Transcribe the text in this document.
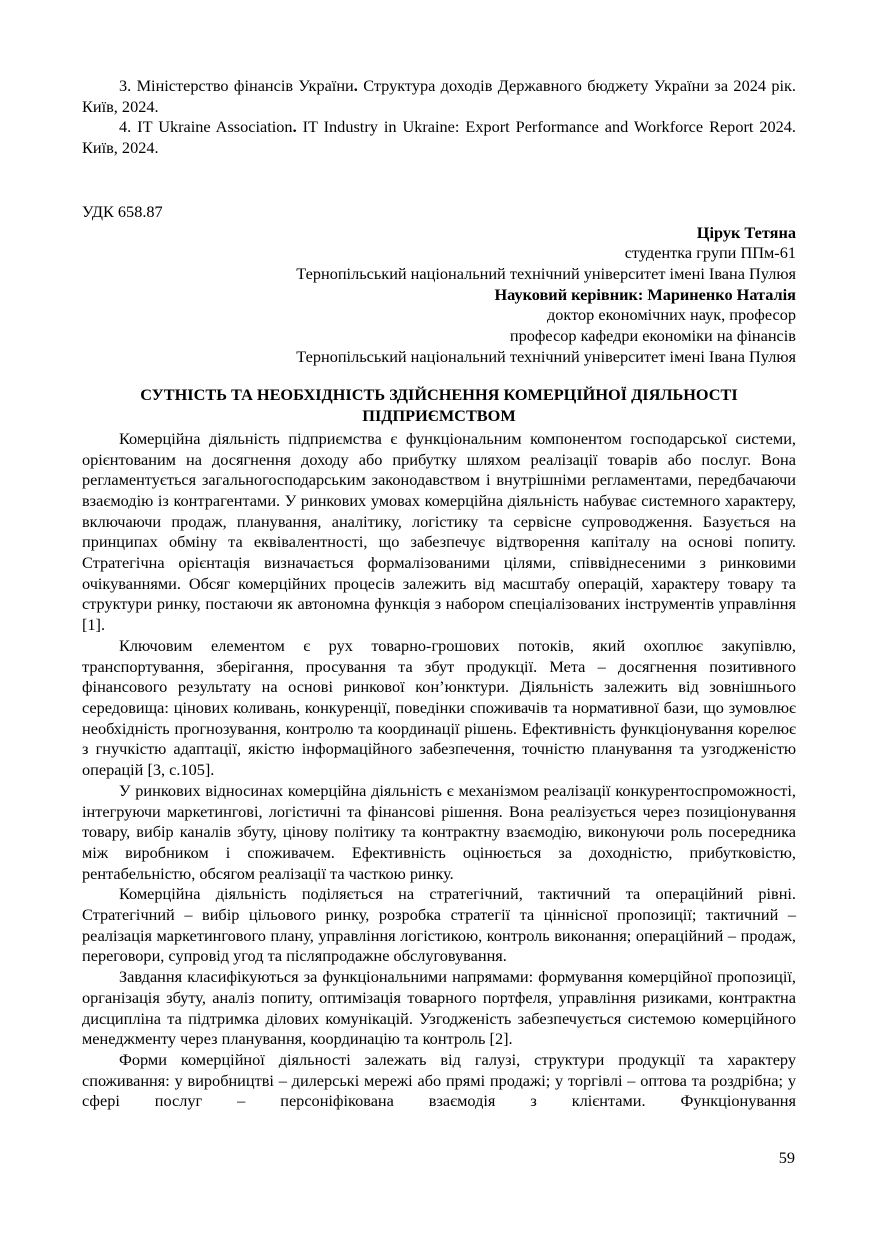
3. Міністерство фінансів України. Структура доходів Державного бюджету України за 2024 рік. Київ, 2024.

4. IT Ukraine Association. IT Industry in Ukraine: Export Performance and Workforce Report 2024. Київ, 2024.

УДК 658.87

Цірук Тетяна
студентка групи ППм-61
Тернопільський національний технічний університет імені Івана Пулюя
Науковий керівник: Мариненко Наталія
доктор економічних наук, професор
професор кафедри економіки на фінансів
Тернопільський національний технічний університет імені Івана Пулюя

СУТНІСТЬ ТА НЕОБХІДНІСТЬ ЗДІЙСНЕННЯ КОМЕРЦІЙНОЇ ДІЯЛЬНОСТІ ПІДПРИЄМСТВОМ

Комерційна діяльність підприємства є функціональним компонентом господарської системи, орієнтованим на досягнення доходу або прибутку шляхом реалізації товарів або послуг. Вона регламентується загальногосподарським законодавством і внутрішніми регламентами, передбачаючи взаємодію із контрагентами. У ринкових умовах комерційна діяльність набуває системного характеру, включаючи продаж, планування, аналітику, логістику та сервісне супроводження. Базується на принципах обміну та еквівалентності, що забезпечує відтворення капіталу на основі попиту. Стратегічна орієнтація визначається формалізованими цілями, співвіднесеними з ринковими очікуваннями. Обсяг комерційних процесів залежить від масштабу операцій, характеру товару та структури ринку, постаючи як автономна функція з набором спеціалізованих інструментів управління [1].

Ключовим елементом є рух товарно-грошових потоків, який охоплює закупівлю, транспортування, зберігання, просування та збут продукції. Мета – досягнення позитивного фінансового результату на основі ринкової кон’юнктури. Діяльність залежить від зовнішнього середовища: цінових коливань, конкуренції, поведінки споживачів та нормативної бази, що зумовлює необхідність прогнозування, контролю та координації рішень. Ефективність функціонування корелює з гнучкістю адаптації, якістю інформаційного забезпечення, точністю планування та узгодженістю операцій [3, с.105].

У ринкових відносинах комерційна діяльність є механізмом реалізації конкурентоспроможності, інтегруючи маркетингові, логістичні та фінансові рішення. Вона реалізується через позиціонування товару, вибір каналів збуту, цінову політику та контрактну взаємодію, виконуючи роль посередника між виробником і споживачем. Ефективність оцінюється за доходністю, прибутковістю, рентабельністю, обсягом реалізації та часткою ринку.

Комерційна діяльність поділяється на стратегічний, тактичний та операційний рівні. Стратегічний – вибір цільового ринку, розробка стратегії та ціннісної пропозиції; тактичний – реалізація маркетингового плану, управління логістикою, контроль виконання; операційний – продаж, переговори, супровід угод та післяпродажне обслуговування.

Завдання класифікуються за функціональними напрямами: формування комерційної пропозиції, організація збуту, аналіз попиту, оптимізація товарного портфеля, управління ризиками, контрактна дисципліна та підтримка ділових комунікацій. Узгодженість забезпечується системою комерційного менеджменту через планування, координацію та контроль [2].

Форми комерційної діяльності залежать від галузі, структури продукції та характеру споживання: у виробництві – дилерські мережі або прямі продажі; у торгівлі – оптова та роздрібна; у сфері послуг – персоніфікована взаємодія з клієнтами. Функціонування

59
